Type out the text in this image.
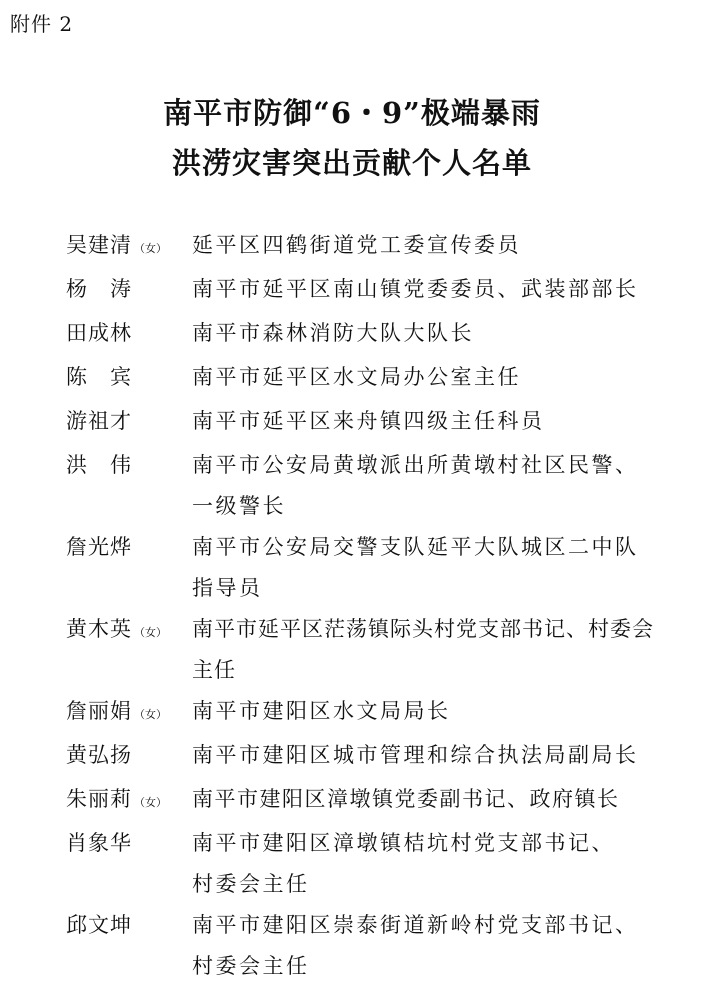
附件 2
南平市防御“6・9”极端暴雨
洪涝灾害突出贡献个人名单
吴建清 （女）	延平区四鹤街道党工委宣传委员
杨　涛	南平市延平区南山镇党委委员、武装部部长
田成林	南平市森林消防大队大队长
陈　宾	南平市延平区水文局办公室主任
游祖才	南平市延平区来舟镇四级主任科员
洪　伟	南平市公安局黄墩派出所黄墩村社区民警、
一级警长
詹光烨	南平市公安局交警支队延平大队城区二中队
指导员
黄木英 （女）	南平市延平区茫荡镇际头村党支部书记、村委会
主任
詹丽娟 （女）	南平市建阳区水文局局长
黄弘扬	南平市建阳区城市管理和综合执法局副局长
朱丽莉 （女）	南平市建阳区漳墩镇党委副书记、政府镇长
肖象华	南平市建阳区漳墩镇桔坑村党支部书记、
村委会主任
邱文坤	南平市建阳区崇泰街道新岭村党支部书记、
村委会主任
